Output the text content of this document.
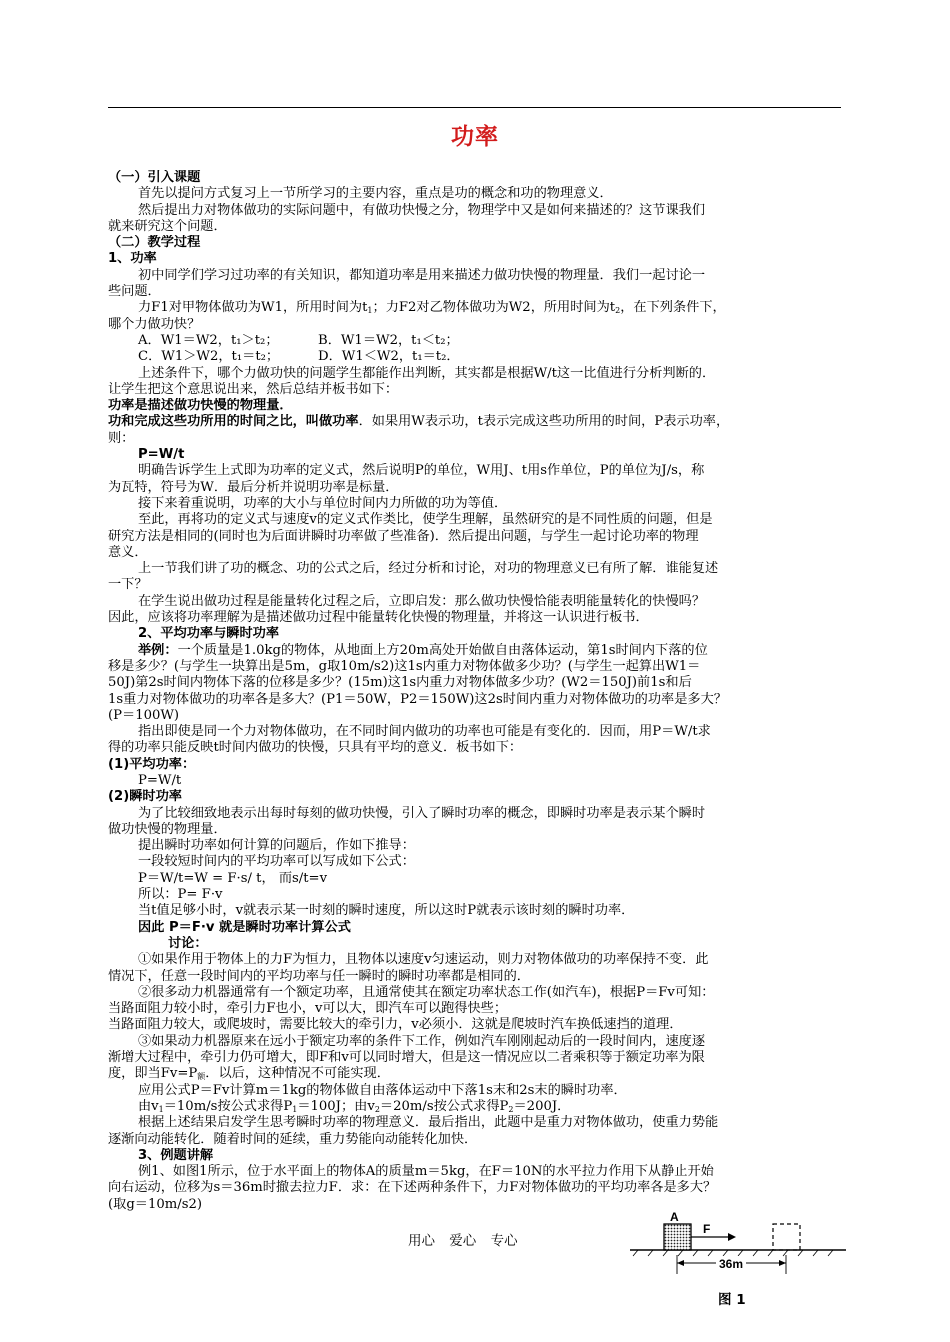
功率
（一）引入课题
首先以提问方式复习上一节所学习的主要内容，重点是功的概念和功的物理意义．
然后提出力对物体做功的实际问题中，有做功快慢之分，物理学中又是如何来描述的？这节课我们
就来研究这个问题．
（二）教学过程
1、功率
初中同学们学习过功率的有关知识，都知道功率是用来描述力做功快慢的物理量．我们一起讨论一
些问题．
力F1对甲物体做功为W1，所用时间为$t_1$；力F2对乙物体做功为W2，所用时间为$t_2$，在下列条件下，
哪个力做功快？
A．W1＝W2，t₁＞t₂；	B．W1＝W2，t₁＜t₂；
C．W1＞W2，t₁＝t₂；	D．W1＜W2，t₁＝t₂．
上述条件下，哪个力做功快的问题学生都能作出判断，其实都是根据W/t这一比值进行分析判断的．
让学生把这个意思说出来，然后总结并板书如下：
功率是描述做功快慢的物理量．
功和完成这些功所用的时间之比，叫做功率．如果用W表示功，t表示完成这些功所用的时间，P表示功率，
则：
P=W/t
明确告诉学生上式即为功率的定义式，然后说明P的单位，W用J、t用s作单位，P的单位为J/s，称
为瓦特，符号为W．最后分析并说明功率是标量．
接下来着重说明，功率的大小与单位时间内力所做的功为等值．
至此，再将功的定义式与速度v的定义式作类比，使学生理解，虽然研究的是不同性质的问题，但是
研究方法是相同的(同时也为后面讲瞬时功率做了些准备)．然后提出问题，与学生一起讨论功率的物理
意义．
上一节我们讲了功的概念、功的公式之后，经过分析和讨论，对功的物理意义已有所了解．谁能复述
一下？
在学生说出做功过程是能量转化过程之后，立即启发：那么做功快慢恰能表明能量转化的快慢吗？
因此，应该将功率理解为是描述做功过程中能量转化快慢的物理量，并将这一认识进行板书．
2、平均功率与瞬时功率
举例：一个质量是1.0kg的物体，从地面上方20m高处开始做自由落体运动，第1s时间内下落的位
移是多少？(与学生一块算出是5m，g取10m/s2)这1s内重力对物体做多少功？(与学生一起算出W1＝
50J)第2s时间内物体下落的位移是多少？(15m)这1s内重力对物体做多少功？(W2＝150J)前1s和后
1s重力对物体做功的功率各是多大？(P1＝50W，P2＝150W)这2s时间内重力对物体做功的功率是多大？
(P＝100W)
指出即使是同一个力对物体做功，在不同时间内做功的功率也可能是有变化的．因而，用P＝W/t求
得的功率只能反映t时间内做功的快慢，只具有平均的意义．板书如下：
(1)平均功率：
P=W/t
(2)瞬时功率
为了比较细致地表示出每时每刻的做功快慢，引入了瞬时功率的概念，即瞬时功率是表示某个瞬时
做功快慢的物理量．
提出瞬时功率如何计算的问题后，作如下推导：
一段较短时间内的平均功率可以写成如下公式：
P＝W/t=W = F·s/ t， 而s/t=v
所以：P= F·v
当t值足够小时，v就表示某一时刻的瞬时速度，所以这时P就表示该时刻的瞬时功率．
因此 P＝F·v 就是瞬时功率计算公式
讨论：
①如果作用于物体上的力F为恒力，且物体以速度v匀速运动，则力对物体做功的功率保持不变．此
情况下，任意一段时间内的平均功率与任一瞬时的瞬时功率都是相同的．
②很多动力机器通常有一个额定功率，且通常使其在额定功率状态工作(如汽车)，根据P＝Fv可知：
当路面阻力较小时，牵引力F也小，v可以大，即汽车可以跑得快些；
当路面阻力较大，或爬坡时，需要比较大的牵引力，v必须小．这就是爬坡时汽车换低速挡的道理．
③如果动力机器原来在远小于额定功率的条件下工作，例如汽车刚刚起动后的一段时间内，速度逐
渐增大过程中，牵引力仍可增大，即F和v可以同时增大，但是这一情况应以二者乘积等于额定功率为限
度，即当$Fv=P_额$．以后，这种情况不可能实现．
应用公式P＝Fv计算m＝1kg的物体做自由落体运动中下落1s末和2s末的瞬时功率．
由$v_1=10m/s$按公式求得$P_1=100J$；由$v_2=20m/s$按公式求得$P_2=200J$．
根据上述结果启发学生思考瞬时功率的物理意义．最后指出，此题中是重力对物体做功，使重力势能
逐渐向动能转化．随着时间的延续，重力势能向动能转化加快．
3、例题讲解
例1、如图1所示，位于水平面上的物体A的质量m＝5kg，在F＝10N的水平拉力作用下从静止开始
向右运动，位移为s＝36m时撤去拉力F．求：在下述两种条件下，力F对物体做功的平均功率各是多大？
(取g＝10m/s2)
用心 爱心 专心
A
F
36m
图 1
